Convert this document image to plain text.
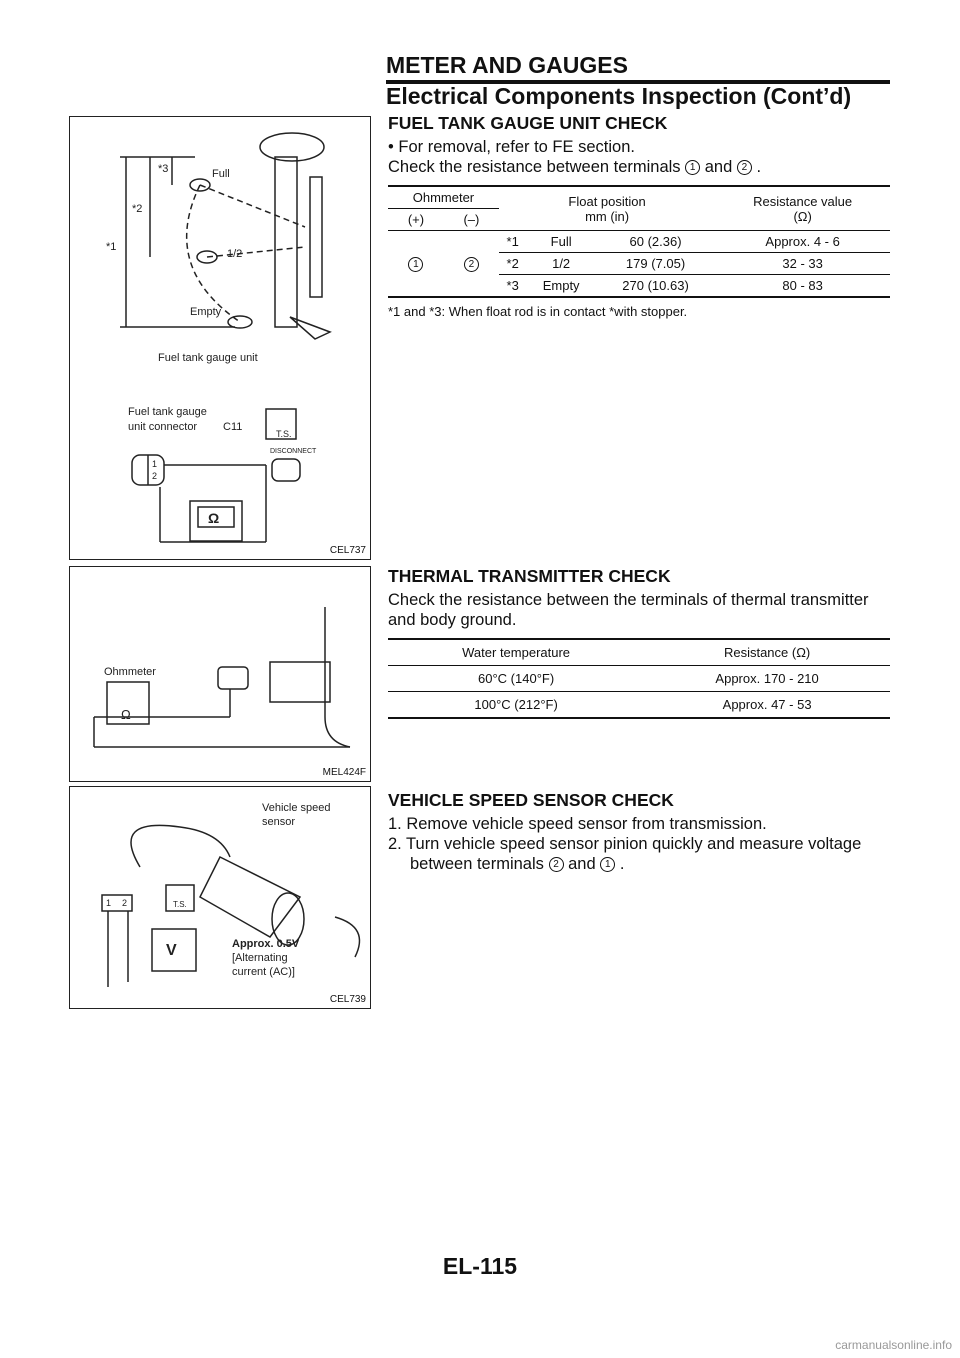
METER AND GAUGES
Electrical Components Inspection (Cont’d)
*3	Full
*2
*1
1/2
Empty
Fuel tank gauge unit
Fuel tank gauge
unit connector C11
T.S.
DISCONNECT
1
2
Ω
CEL737
Ohmmeter
Ω
MEL424F
Vehicle speed
sensor
1 2	T.S.
V	Approx. 0.5V
[Alternating
current (AC)]
CEL739
FUEL TANK GAUGE UNIT CHECK

• For removal, refer to FE section.

Check the resistance between terminals 1 and 2 .

Ohmmeter		Float position
mm (in)			Resistance value
(Ω)
(+)	(–)				
1	2	*1	Full	60 (2.36)	Approx. 4 - 6
		*2	1/2	179 (7.05)	32 - 33
		*3	Empty	270 (10.63)	80 - 83
*1 and *3: When float rod is in contact *with stopper.
THERMAL TRANSMITTER CHECK

Check the resistance between the terminals of thermal transmitter and body ground.

Water temperature	Resistance (Ω)
60°C (140°F)	Approx. 170 - 210
100°C (212°F)	Approx. 47 - 53
VEHICLE SPEED SENSOR CHECK

1. Remove vehicle speed sensor from transmission.

2. Turn vehicle speed sensor pinion quickly and measure voltage

between terminals 2 and 1 .

EL-115
carmanualsonline.info
